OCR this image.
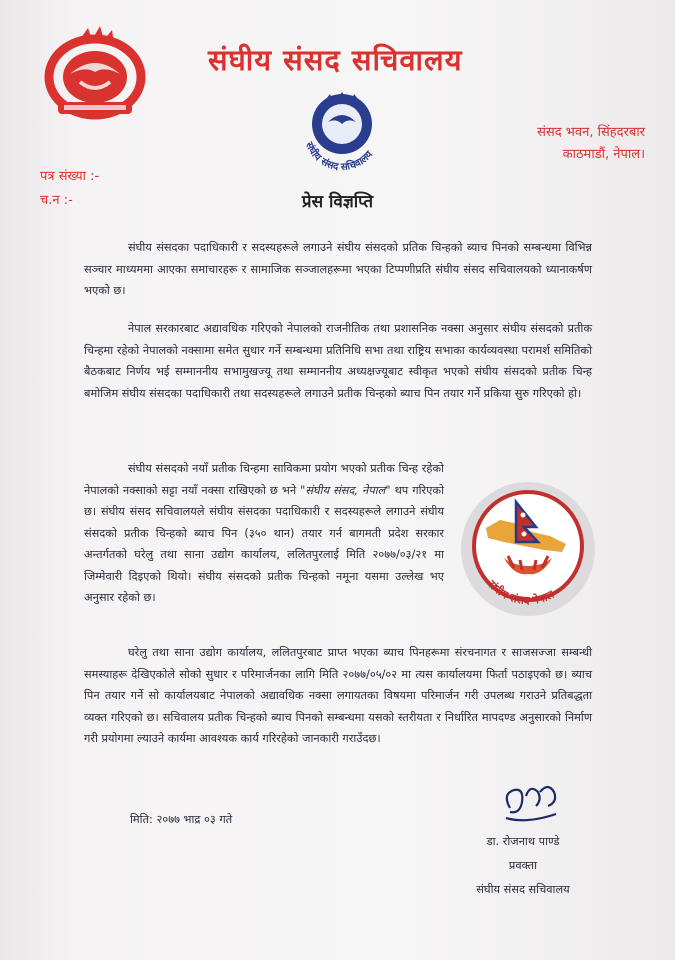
संघीय संसद सचिवालय
संघीय संसद सचिवालय
संसद भवन, सिंहदरबार
काठमाडौं, नेपाल।
पत्र संख्या :-
च.न :-	प्रेस विज्ञप्ति

संघीय संसदका पदाधिकारी र सदस्यहरूले लगाउने संघीय संसदको प्रतिक चिन्हको ब्याच पिनको सम्बन्धमा विभिन्न सञ्चार माध्यममा आएका समाचारहरू र सामाजिक सञ्जालहरूमा भएका टिप्पणीप्रति संघीय संसद सचिवालयको ध्यानाकर्षण भएको छ।

नेपाल सरकारबाट अद्यावधिक गरिएको नेपालको राजनीतिक तथा प्रशासनिक नक्सा अनुसार संघीय संसदको प्रतीक चिन्हमा रहेको नेपालको नक्सामा समेत सुधार गर्ने सम्बन्धमा प्रतिनिधि सभा तथा राष्ट्रिय सभाका कार्यव्यवस्था परामर्श समितिको बैठकबाट निर्णय भई सम्माननीय सभामुखज्यू तथा सम्माननीय अध्यक्षज्यूबाट स्वीकृत भएको संघीय संसदको प्रतीक चिन्ह बमोजिम संघीय संसदका पदाधिकारी तथा सदस्यहरूले लगाउने प्रतीक चिन्हको ब्याच पिन तयार गर्ने प्रकिया सुरु गरिएको हो।

संघीय संसदको नयाँ प्रतीक चिन्हमा साविकमा प्रयोग भएको प्रतीक चिन्ह रहेको नेपालको नक्साको सट्टा नयाँ नक्सा राखिएको छ भने "संघीय संसद, नेपाल" थप गरिएको छ। संघीय संसद सचिवालयले संघीय संसदका पदाधिकारी र सदस्यहरूले लगाउने संघीय संसदको प्रतीक चिन्हको ब्याच पिन (३५० थान) तयार गर्न बागमती प्रदेश सरकार अन्तर्गतको घरेलु तथा साना उद्योग कार्यालय, ललितपुरलाई मिति २०७७/०३/२१ मा जिम्मेवारी दिइएको थियो। संघीय संसदको प्रतीक चिन्हको नमूना यसमा उल्लेख भए अनुसार रहेको छ।

संघीय संसद नेपाल

घरेलु तथा साना उद्योग कार्यालय, ललितपुरबाट प्राप्त भएका ब्याच पिनहरूमा संरचनागत र साजसज्जा सम्बन्धी समस्याहरू देखिएकोले सोको सुधार र परिमार्जनका लागि मिति २०७७/०५/०२ मा त्यस कार्यालयमा फिर्ता पठाइएको छ। ब्याच पिन तयार गर्ने सो कार्यालयबाट नेपालको अद्यावधिक नक्सा लगायतका विषयमा परिमार्जन गरी उपलब्ध गराउने प्रतिबद्धता व्यक्त गरिएको छ। सचिवालय प्रतीक चिन्हको ब्याच पिनको सम्बन्धमा यसको स्तरीयता र निर्धारित मापदण्ड अनुसारको निर्माण गरी प्रयोगमा ल्याउने कार्यमा आवश्यक कार्य गरिरहेको जानकारी गराउँदछ।

मिति: २०७७ भाद्र ०३ गते
डा. रोजनाथ पाण्डे
प्रवक्ता
संघीय संसद सचिवालय
